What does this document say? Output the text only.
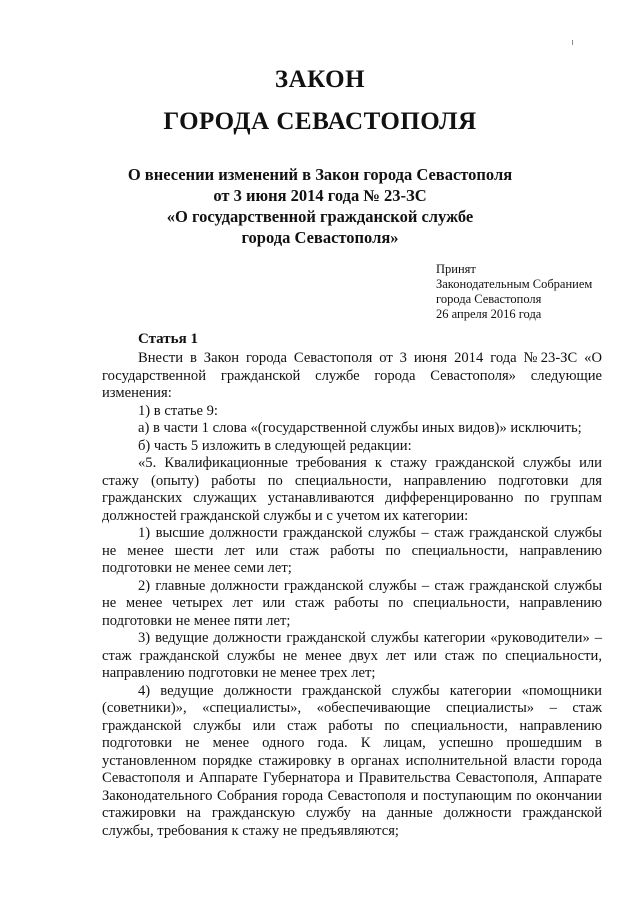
ЗАКОН
ГОРОДА СЕВАСТОПОЛЯ
О внесении изменений в Закон города Севастополя
от 3 июня 2014 года № 23-ЗС
«О государственной гражданской службе
города Севастополя»
Принят
Законодательным Собранием
города Севастополя
26 апреля 2016 года
Статья 1

Внести в Закон города Севастополя от 3 июня 2014 года №23-ЗС «О государственной гражданской службе города Севастополя» следующие изменения:

1) в статье 9:

а) в части 1 слова «(государственной службы иных видов)» исключить;

б) часть 5 изложить в следующей редакции:

«5. Квалификационные требования к стажу гражданской службы или стажу (опыту) работы по специальности, направлению подготовки для гражданских служащих устанавливаются дифференцированно по группам должностей гражданской службы и с учетом их категории:

1) высшие должности гражданской службы – стаж гражданской службы не менее шести лет или стаж работы по специальности, направлению подготовки не менее семи лет;

2) главные должности гражданской службы – стаж гражданской службы не менее четырех лет или стаж работы по специальности, направлению подготовки не менее пяти лет;

3) ведущие должности гражданской службы категории «руководители» – стаж гражданской службы не менее двух лет или стаж по специальности, направлению подготовки не менее трех лет;

4) ведущие должности гражданской службы категории «помощники (советники)», «специалисты», «обеспечивающие специалисты» – стаж гражданской службы или стаж работы по специальности, направлению подготовки не менее одного года. К лицам, успешно прошедшим в установленном порядке стажировку в органах исполнительной власти города Севастополя и Аппарате Губернатора и Правительства Севастополя, Аппарате Законодательного Собрания города Севастополя и поступающим по окончании стажировки на гражданскую службу на данные должности гражданской службы, требования к стажу не предъявляются;
